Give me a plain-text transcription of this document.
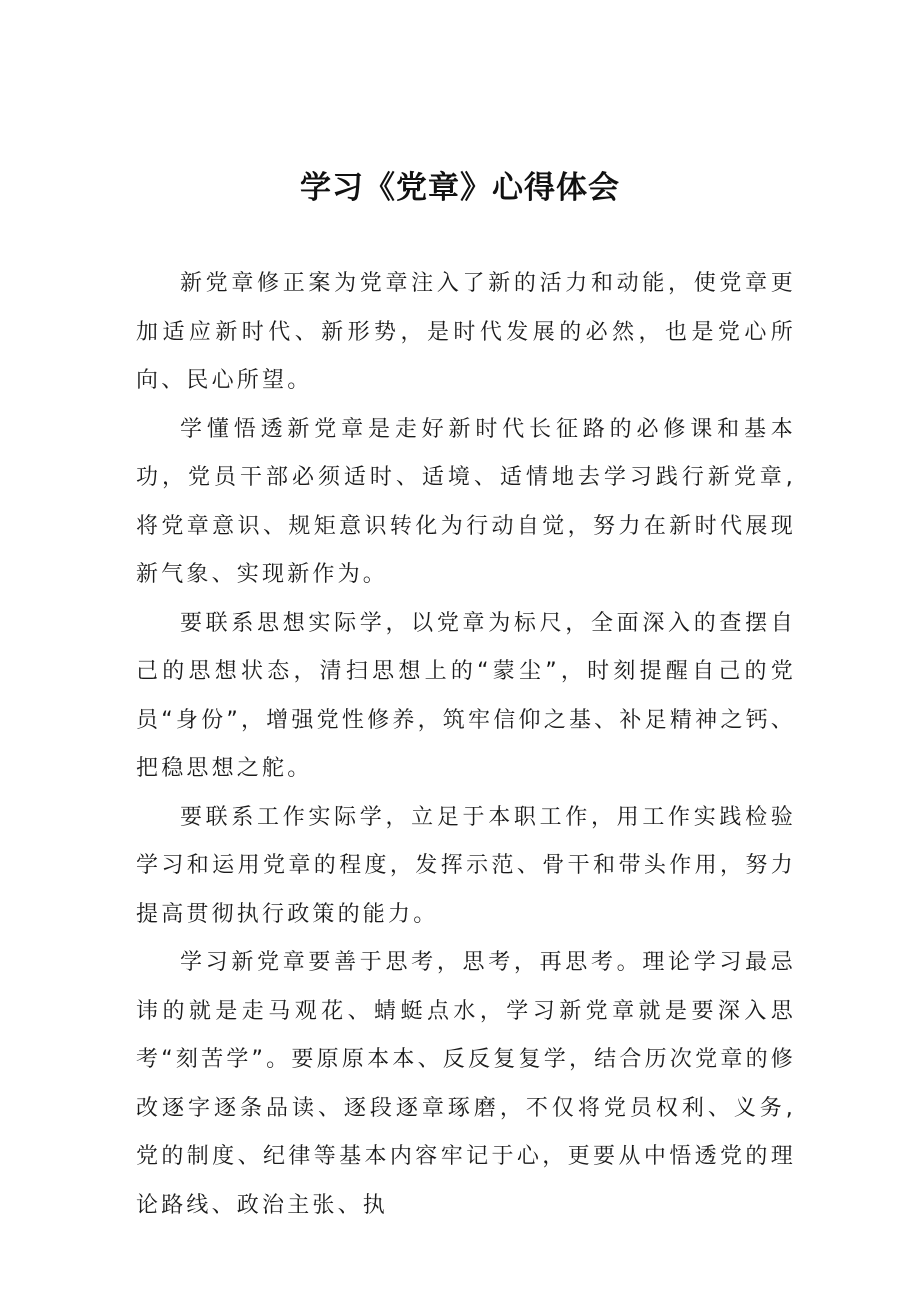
学习《党章》心得体会

新党章修正案为党章注入了新的活力和动能，使党章更加适应新时代、新形势，是时代发展的必然，也是党心所向、民心所望。

学懂悟透新党章是走好新时代长征路的必修课和基本功，党员干部必须适时、适境、适情地去学习践行新党章,将党章意识、规矩意识转化为行动自觉，努力在新时代展现新气象、实现新作为。

要联系思想实际学，以党章为标尺，全面深入的查摆自己的思想状态，清扫思想上的“蒙尘”，时刻提醒自己的党员“身份”，增强党性修养，筑牢信仰之基、补足精神之钙、把稳思想之舵。

要联系工作实际学，立足于本职工作，用工作实践检验学习和运用党章的程度，发挥示范、骨干和带头作用，努力提高贯彻执行政策的能力。

学习新党章要善于思考，思考，再思考。理论学习最忌讳的就是走马观花、蜻蜓点水，学习新党章就是要深入思考“刻苦学”。要原原本本、反反复复学，结合历次党章的修改逐字逐条品读、逐段逐章琢磨，不仅将党员权利、义务,党的制度、纪律等基本内容牢记于心，更要从中悟透党的理论路线、政治主张、执
